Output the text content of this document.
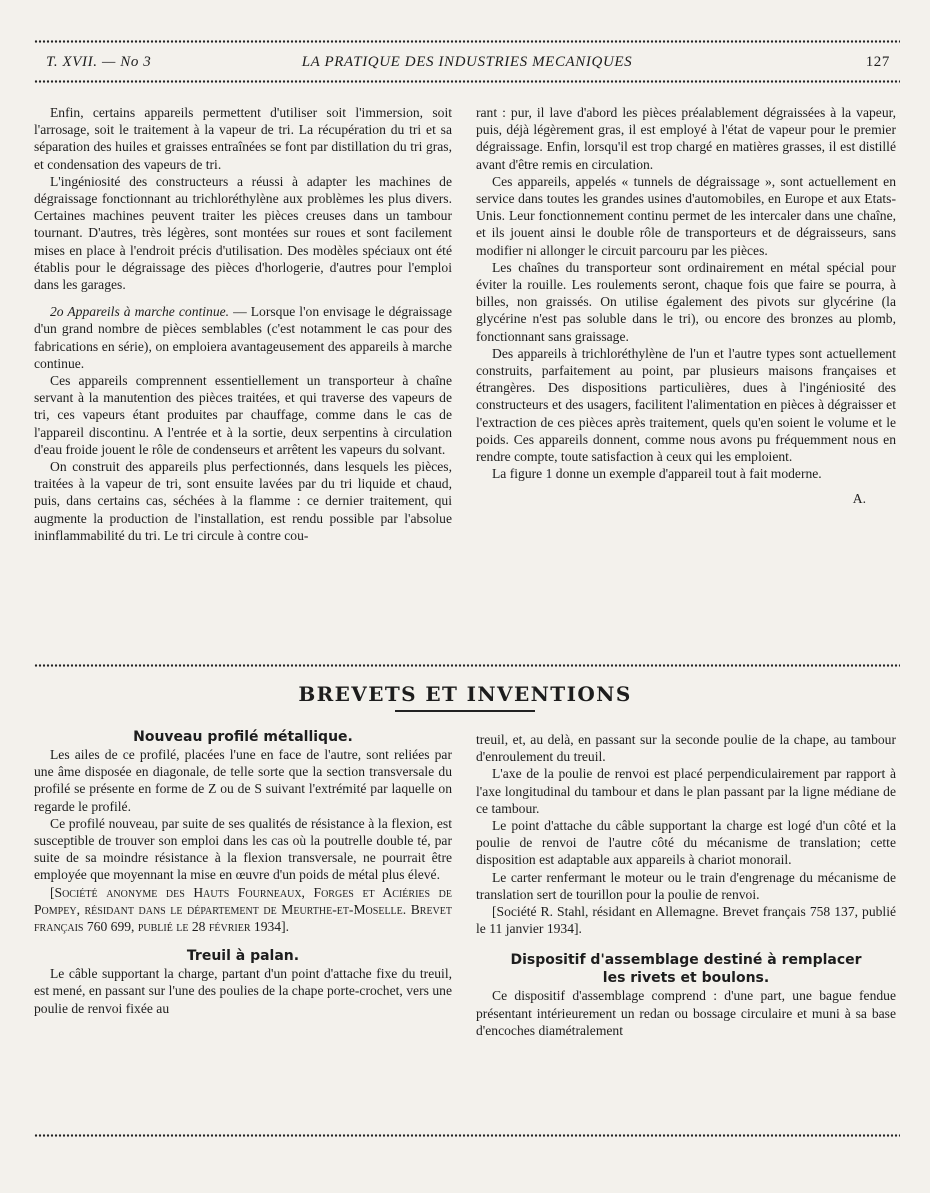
T. XVII. — No 3	LA PRATIQUE DES INDUSTRIES MECANIQUES	127

Enfin, certains appareils permettent d'utiliser soit l'immersion, soit l'arrosage, soit le traitement à la vapeur de tri. La récupération du tri et sa séparation des huiles et graisses entraînées se font par distillation du tri gras, et condensation des vapeurs de tri.

L'ingéniosité des constructeurs a réussi à adapter les machines de dégraissage fonctionnant au trichloréthylène aux problèmes les plus divers. Certaines machines peuvent traiter les pièces creuses dans un tambour tournant. D'autres, très légères, sont montées sur roues et sont facilement mises en place à l'endroit précis d'utilisation. Des modèles spéciaux ont été établis pour le dégraissage des pièces d'horlogerie, d'autres pour l'emploi dans les garages.

2o Appareils à marche continue. — Lorsque l'on envisage le dégraissage d'un grand nombre de pièces semblables (c'est notamment le cas pour des fabrications en série), on emploiera avantageusement des appareils à marche continue.

Ces appareils comprennent essentiellement un transporteur à chaîne servant à la manutention des pièces traitées, et qui traverse des vapeurs de tri, ces vapeurs étant produites par chauffage, comme dans le cas de l'appareil discontinu. A l'entrée et à la sortie, deux serpentins à circulation d'eau froide jouent le rôle de condenseurs et arrêtent les vapeurs du solvant.

On construit des appareils plus perfectionnés, dans lesquels les pièces, traitées à la vapeur de tri, sont ensuite lavées par du tri liquide et chaud, puis, dans certains cas, séchées à la flamme : ce dernier traitement, qui augmente la production de l'installation, est rendu possible par l'absolue ininflammabilité du tri. Le tri circule à contre cou-

rant : pur, il lave d'abord les pièces préalablement dégraissées à la vapeur, puis, déjà légèrement gras, il est employé à l'état de vapeur pour le premier dégraissage. Enfin, lorsqu'il est trop chargé en matières grasses, il est distillé avant d'être remis en circulation.

Ces appareils, appelés « tunnels de dégraissage », sont actuellement en service dans toutes les grandes usines d'automobiles, en Europe et aux Etats-Unis. Leur fonctionnement continu permet de les intercaler dans une chaîne, et ils jouent ainsi le double rôle de transporteurs et de dégraisseurs, sans modifier ni allonger le circuit parcouru par les pièces.

Les chaînes du transporteur sont ordinairement en métal spécial pour éviter la rouille. Les roulements seront, chaque fois que faire se pourra, à billes, non graissés. On utilise également des pivots sur glycérine (la glycérine n'est pas soluble dans le tri), ou encore des bronzes au plomb, fonctionnant sans graissage.

Des appareils à trichloréthylène de l'un et l'autre types sont actuellement construits, parfaitement au point, par plusieurs maisons françaises et étrangères. Des dispositions particulières, dues à l'ingéniosité des constructeurs et des usagers, facilitent l'alimentation en pièces à dégraisser et l'extraction de ces pièces après traitement, quels qu'en soient le volume et le poids. Ces appareils donnent, comme nous avons pu fréquemment nous en rendre compte, toute satisfaction à ceux qui les emploient.

La figure 1 donne un exemple d'appareil tout à fait moderne.

A.
BREVETS ET INVENTIONS

Nouveau profilé métallique.

Les ailes de ce profilé, placées l'une en face de l'autre, sont reliées par une âme disposée en diagonale, de telle sorte que la section transversale du profilé se présente en forme de Z ou de S suivant l'extrémité par laquelle on regarde le profilé.

Ce profilé nouveau, par suite de ses qualités de résistance à la flexion, est susceptible de trouver son emploi dans les cas où la poutrelle double té, par suite de sa moindre résistance à la flexion transversale, ne pourrait être employée que moyennant la mise en œuvre d'un poids de métal plus élevé.

[Société anonyme des Hauts Fourneaux, Forges et Aciéries de Pompey, résidant dans le département de Meurthe-et-Moselle. Brevet français 760 699, publié le 28 février 1934].

Treuil à palan.

Le câble supportant la charge, partant d'un point d'attache fixe du treuil, est mené, en passant sur l'une des poulies de la chape porte-crochet, vers une poulie de renvoi fixée au

treuil, et, au delà, en passant sur la seconde poulie de la chape, au tambour d'enroulement du treuil.

L'axe de la poulie de renvoi est placé perpendiculairement par rapport à l'axe longitudinal du tambour et dans le plan passant par la ligne médiane de ce tambour.

Le point d'attache du câble supportant la charge est logé d'un côté et la poulie de renvoi de l'autre côté du mécanisme de translation; cette disposition est adaptable aux appareils à chariot monorail.

Le carter renfermant le moteur ou le train d'engrenage du mécanisme de translation sert de tourillon pour la poulie de renvoi.

[Société R. Stahl, résidant en Allemagne. Brevet français 758 137, publié le 11 janvier 1934].

Dispositif d'assemblage destiné à remplacer les rivets et boulons.

Ce dispositif d'assemblage comprend : d'une part, une bague fendue présentant intérieurement un redan ou bossage circulaire et muni à sa base d'encoches diamétralement
